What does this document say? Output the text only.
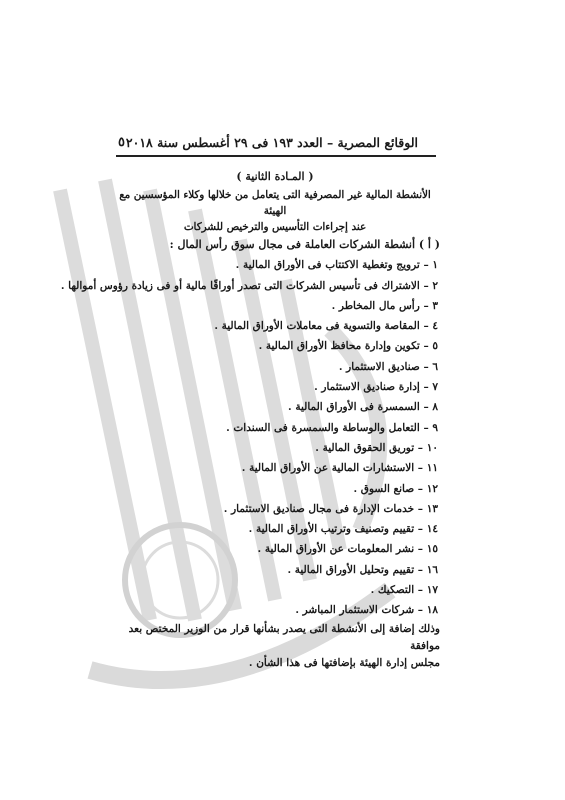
الوقائع المصرية – العدد ١٩٣ فى ٢٩ أغسطس سنة ٢٠١٨
٥
( المـادة الثانية )
الأنشطة المالية غير المصرفية التى يتعامل من خلالها وكلاء المؤسسين مع الهيئة
عند إجراءات التأسيس والترخيص للشركات
( أ ) أنشطة الشركات العاملة فى مجال سوق رأس المال :
١ – ترويج وتغطية الاكتتاب فى الأوراق المالية .
٢ – الاشتراك فى تأسيس الشركات التى تصدر أوراقًا مالية أو فى زيادة رؤوس أموالها .
٣ – رأس مال المخاطر .
٤ – المقاصة والتسوية فى معاملات الأوراق المالية .
٥ – تكوين وإدارة محافظ الأوراق المالية .
٦ – صناديق الاستثمار .
٧ – إدارة صناديق الاستثمار .
٨ – السمسرة فى الأوراق المالية .
٩ – التعامل والوساطة والسمسرة فى السندات .
١٠ – توريق الحقوق المالية .
١١ – الاستشارات المالية عن الأوراق المالية .
١٢ – صانع السوق .
١٣ – خدمات الإدارة فى مجال صناديق الاستثمار .
١٤ – تقييم وتصنيف وترتيب الأوراق المالية .
١٥ – نشر المعلومات عن الأوراق المالية .
١٦ – تقييم وتحليل الأوراق المالية .
١٧ – التصكيك .
١٨ – شركات الاستثمار المباشر .
وذلك إضافة إلى الأنشطة التى يصدر بشأنها قرار من الوزير المختص بعد موافقة
مجلس إدارة الهيئة بإضافتها فى هذا الشأن .
